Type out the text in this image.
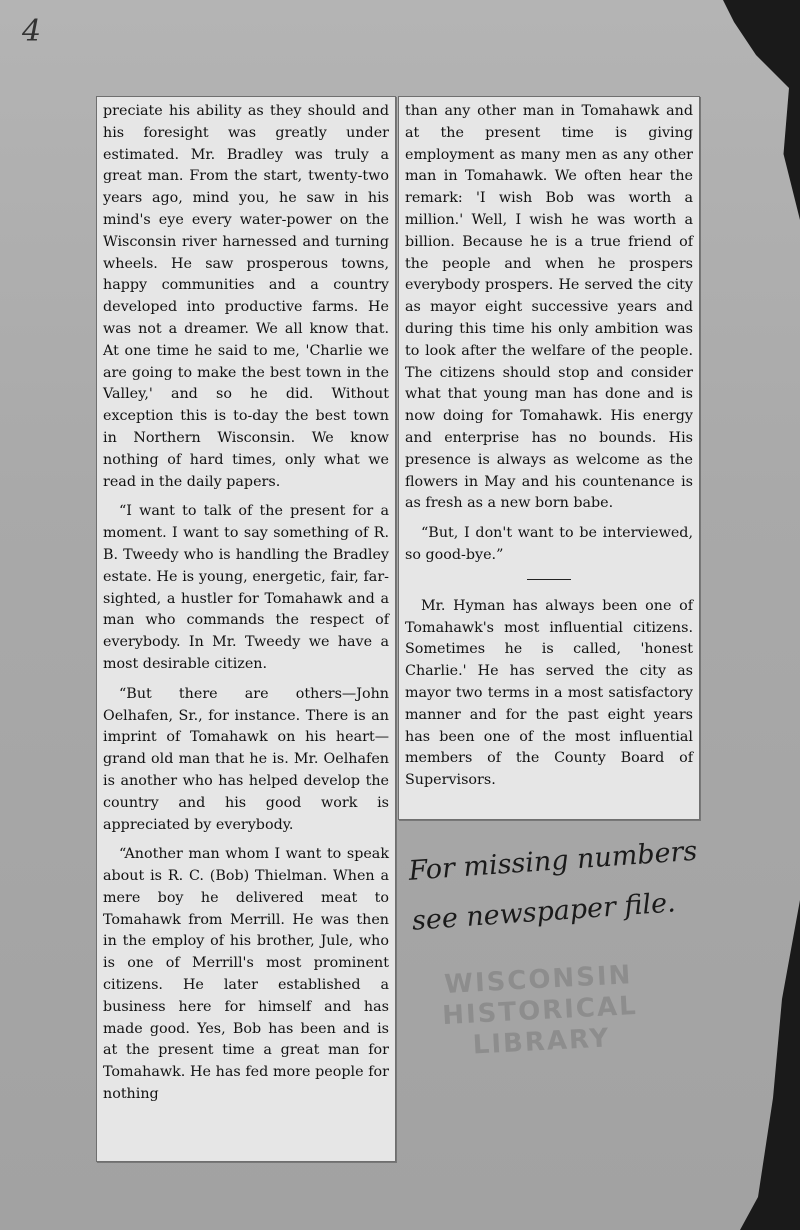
4

preciate his ability as they should and his foresight was greatly under estimated. Mr. Bradley was truly a great man. From the start, twenty-two years ago, mind you, he saw in his mind's eye every water-power on the Wisconsin river harnessed and turning wheels. He saw prosperous towns, happy communities and a country developed into productive farms. He was not a dreamer. We all know that. At one time he said to me, 'Charlie we are going to make the best town in the Valley,' and so he did. Without exception this is to-day the best town in Northern Wisconsin. We know nothing of hard times, only what we read in the daily papers.

“I want to talk of the present for a moment. I want to say something of R. B. Tweedy who is handling the Bradley estate. He is young, energetic, fair, far-sighted, a hustler for Tomahawk and a man who commands the respect of everybody. In Mr. Tweedy we have a most desirable citizen.

“But there are others—John Oelhafen, Sr., for instance. There is an imprint of Tomahawk on his heart—grand old man that he is. Mr. Oelhafen is another who has helped develop the country and his good work is appreciated by everybody.

“Another man whom I want to speak about is R. C. (Bob) Thielman. When a mere boy he delivered meat to Tomahawk from Merrill. He was then in the employ of his brother, Jule, who is one of Merrill's most prominent citizens. He later established a business here for himself and has made good. Yes, Bob has been and is at the present time a great man for Tomahawk. He has fed more people for nothing

than any other man in Tomahawk and at the present time is giving employment as many men as any other man in Tomahawk. We often hear the remark: 'I wish Bob was worth a million.' Well, I wish he was worth a billion. Because he is a true friend of the people and when he prospers everybody prospers. He served the city as mayor eight successive years and during this time his only ambition was to look after the welfare of the people. The citizens should stop and consider what that young man has done and is now doing for Tomahawk. His energy and enterprise has no bounds. His presence is always as welcome as the flowers in May and his countenance is as fresh as a new born babe.

“But, I don't want to be interviewed, so good-bye.”

Mr. Hyman has always been one of Tomahawk's most influential citizens. Sometimes he is called, 'honest Charlie.' He has served the city as mayor two terms in a most satisfactory manner and for the past eight years has been one of the most influential members of the County Board of Supervisors.

For missing numbers
see newspaper file.
WISCONSIN
HISTORICAL
LIBRARY
